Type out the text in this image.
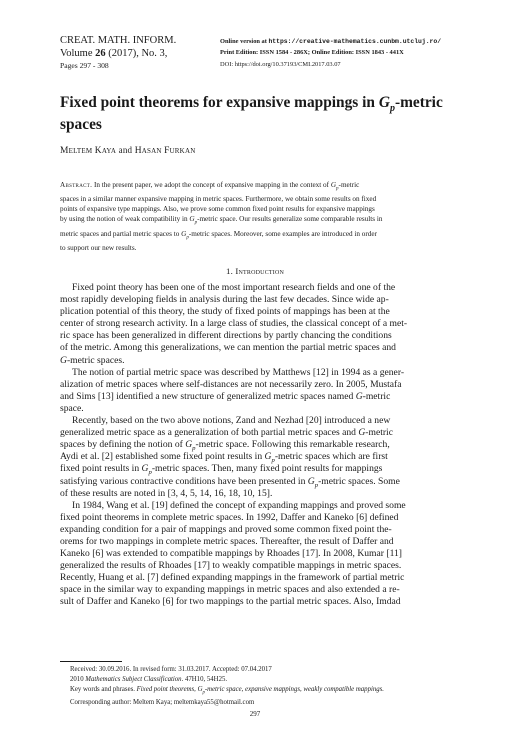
CREAT. MATH. INFORM.
Volume 26 (2017), No. 3,
Pages 297 - 308
Online version at https://creative-mathematics.cunbm.utcluj.ro/
Print Edition: ISSN 1584 - 286X; Online Edition: ISSN 1843 - 441X
DOI: https://doi.org/10.37193/CMI.2017.03.07
Fixed point theorems for expansive mappings in $G_p$-metric
spaces
MELTEM KAYA and HASAN FURKAN
Abstract. In the present paper, we adopt the concept of expansive mapping in the context of $G_p$-metric
spaces in a similar manner expansive mapping in metric spaces. Furthermore, we obtain some results on fixed
points of expansive type mappings. Also, we prove some common fixed point results for expansive mappings
by using the notion of weak compatibility in $G_p$-metric space. Our results generalize some comparable results in
metric spaces and partial metric spaces to $G_p$-metric spaces. Moreover, some examples are introduced in order
to support our new results.
1. Introduction
Fixed point theory has been one of the most important research fields and one of the
most rapidly developing fields in analysis during the last few decades. Since wide ap-
plication potential of this theory, the study of fixed points of mappings has been at the
center of strong research activity. In a large class of studies, the classical concept of a met-
ric space has been generalized in different directions by partly chancing the conditions
of the metric. Among this generalizations, we can mention the partial metric spaces and
G-metric spaces.
The notion of partial metric space was described by Matthews [12] in 1994 as a gener-
alization of metric spaces where self-distances are not necessarily zero. In 2005, Mustafa
and Sims [13] identified a new structure of generalized metric spaces named G-metric
space.
Recently, based on the two above notions, Zand and Nezhad [20] introduced a new
generalized metric space as a generalization of both partial metric spaces and G-metric
spaces by defining the notion of $G_p$-metric space. Following this remarkable research,
Aydi et al. [2] established some fixed point results in $G_p$-metric spaces which are first
fixed point results in $G_p$-metric spaces. Then, many fixed point results for mappings
satisfying various contractive conditions have been presented in $G_p$-metric spaces. Some
of these results are noted in [3, 4, 5, 14, 16, 18, 10, 15].
In 1984, Wang et al. [19] defined the concept of expanding mappings and proved some
fixed point theorems in complete metric spaces. In 1992, Daffer and Kaneko [6] defined
expanding condition for a pair of mappings and proved some common fixed point the-
orems for two mappings in complete metric spaces. Thereafter, the result of Daffer and
Kaneko [6] was extended to compatible mappings by Rhoades [17]. In 2008, Kumar [11]
generalized the results of Rhoades [17] to weakly compatible mappings in metric spaces.
Recently, Huang et al. [7] defined expanding mappings in the framework of partial metric
space in the similar way to expanding mappings in metric spaces and also extended a re-
sult of Daffer and Kaneko [6] for two mappings to the partial metric spaces. Also, Imdad
Received: 30.09.2016. In revised form: 31.03.2017. Accepted: 07.04.2017
2010 Mathematics Subject Classification. 47H10, 54H25.
Key words and phrases. Fixed point theorems, $G_p$-metric space, expansive mappings, weakly compatible mappings.
Corresponding author: Meltem Kaya; meltemkaya55@hotmail.com
297
